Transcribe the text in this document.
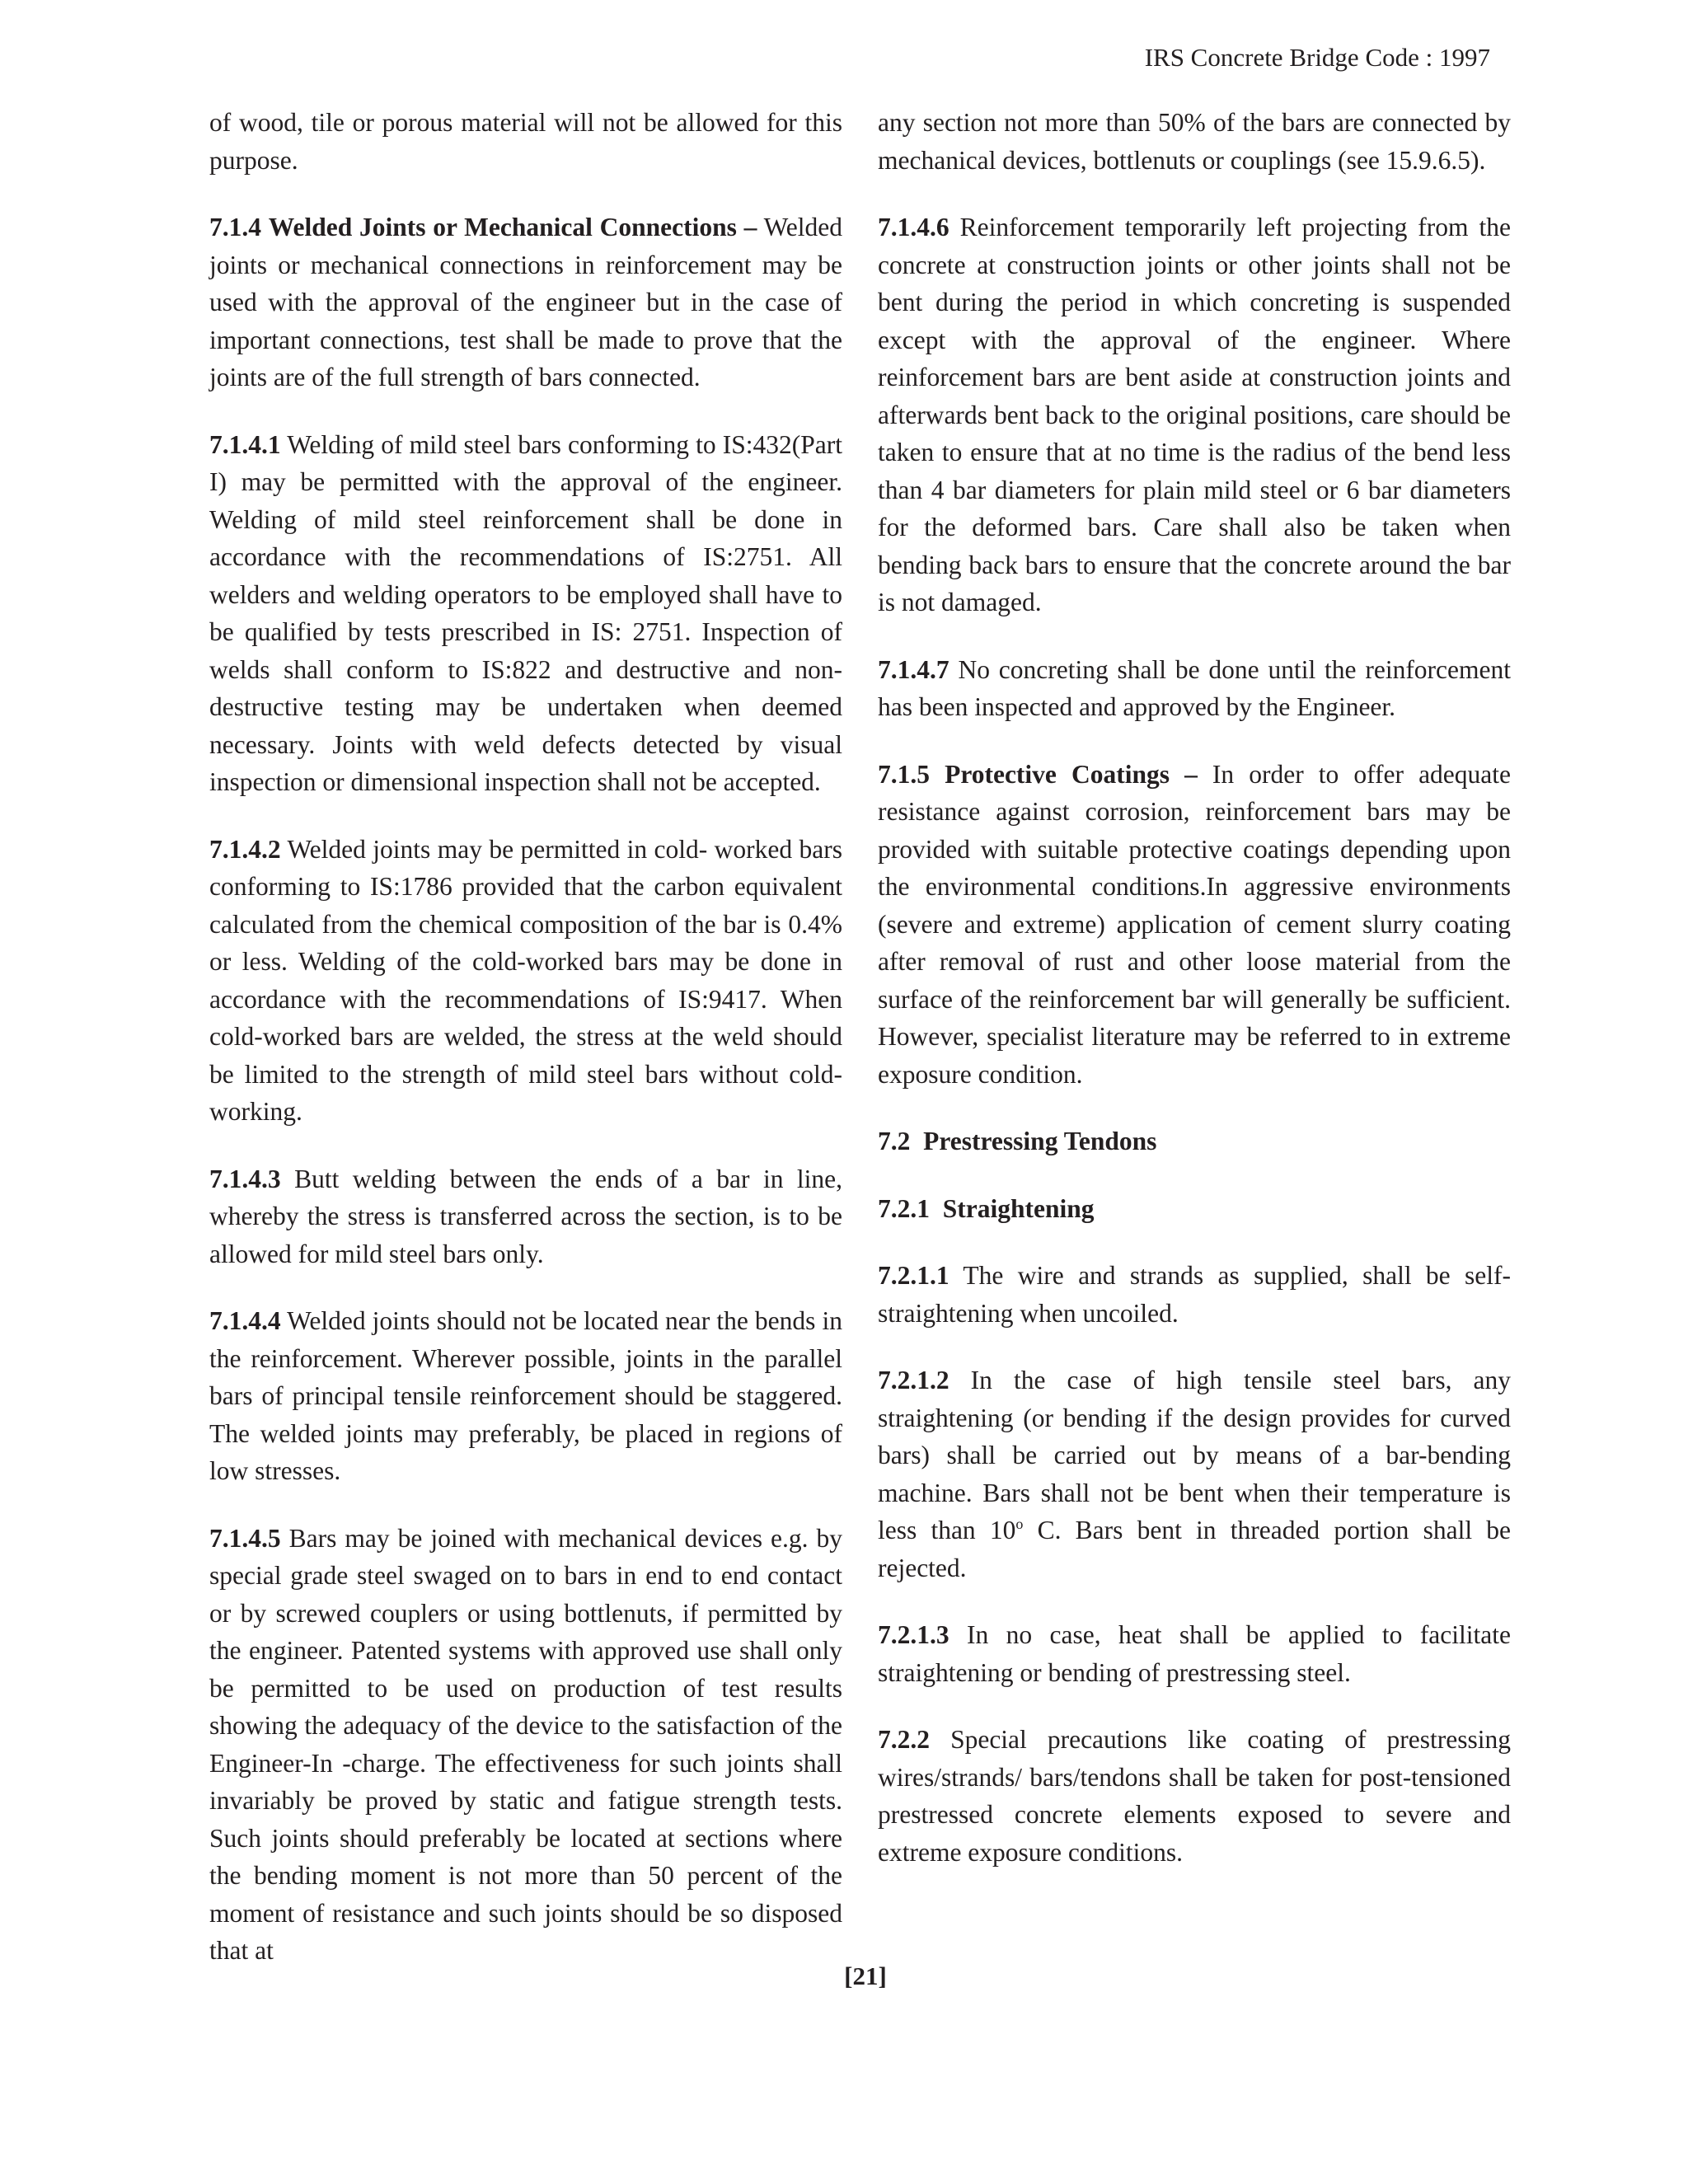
IRS Concrete Bridge Code : 1997

of wood, tile or porous material will not be allowed for this purpose.

7.1.4 Welded Joints or Mechanical Connections – Welded joints or mechanical connections in reinforcement may be used with the approval of the engineer but in the case of important connections, test shall be made to prove that the joints are of the full strength of bars connected.

7.1.4.1 Welding of mild steel bars conforming to IS:432(Part I) may be permitted with the approval of the engineer. Welding of mild steel reinforcement shall be done in accordance with the recommendations of IS:2751. All welders and welding operators to be employed shall have to be qualified by tests prescribed in IS: 2751. Inspection of welds shall conform to IS:822 and destructive and non-destructive testing may be undertaken when deemed necessary. Joints with weld defects detected by visual inspection or dimensional inspection shall not be accepted.

7.1.4.2 Welded joints may be permitted in cold- worked bars conforming to IS:1786 provided that the carbon equivalent calculated from the chemical composition of the bar is 0.4% or less. Welding of the cold-worked bars may be done in accordance with the recommendations of IS:9417. When cold-worked bars are welded, the stress at the weld should be limited to the strength of mild steel bars without cold-working.

7.1.4.3 Butt welding between the ends of a bar in line, whereby the stress is transferred across the section, is to be allowed for mild steel bars only.

7.1.4.4 Welded joints should not be located near the bends in the reinforcement. Wherever possible, joints in the parallel bars of principal tensile reinforcement should be staggered. The welded joints may preferably, be placed in regions of low stresses.

7.1.4.5 Bars may be joined with mechanical devices e.g. by special grade steel swaged on to bars in end to end contact or by screwed couplers or using bottlenuts, if permitted by the engineer. Patented systems with approved use shall only be permitted to be used on production of test results showing the adequacy of the device to the satisfaction of the Engineer-In -charge. The effectiveness for such joints shall invariably be proved by static and fatigue strength tests. Such joints should preferably be located at sections where the bending moment is not more than 50 percent of the moment of resistance and such joints should be so disposed that at

any section not more than 50% of the bars are connected by mechanical devices, bottlenuts or couplings (see 15.9.6.5).

7.1.4.6 Reinforcement temporarily left projecting from the concrete at construction joints or other joints shall not be bent during the period in which concreting is suspended except with the approval of the engineer. Where reinforcement bars are bent aside at construction joints and afterwards bent back to the original positions, care should be taken to ensure that at no time is the radius of the bend less than 4 bar diameters for plain mild steel or 6 bar diameters for the deformed bars. Care shall also be taken when bending back bars to ensure that the concrete around the bar is not damaged.

7.1.4.7 No concreting shall be done until the reinforcement has been inspected and approved by the Engineer.

7.1.5 Protective Coatings – In order to offer adequate resistance against corrosion, reinforcement bars may be provided with suitable protective coatings depending upon the environmental conditions.In aggressive environments (severe and extreme) application of cement slurry coating after removal of rust and other loose material from the surface of the reinforcement bar will generally be sufficient. However, specialist literature may be referred to in extreme exposure condition.

7.2 Prestressing Tendons

7.2.1 Straightening

7.2.1.1 The wire and strands as supplied, shall be self-straightening when uncoiled.

7.2.1.2 In the case of high tensile steel bars, any straightening (or bending if the design provides for curved bars) shall be carried out by means of a bar-bending machine. Bars shall not be bent when their temperature is less than 10$^o$ C. Bars bent in threaded portion shall be rejected.

7.2.1.3 In no case, heat shall be applied to facilitate straightening or bending of prestressing steel.

7.2.2 Special precautions like coating of prestressing wires/strands/ bars/tendons shall be taken for post-tensioned prestressed concrete elements exposed to severe and extreme exposure conditions.

[21]
